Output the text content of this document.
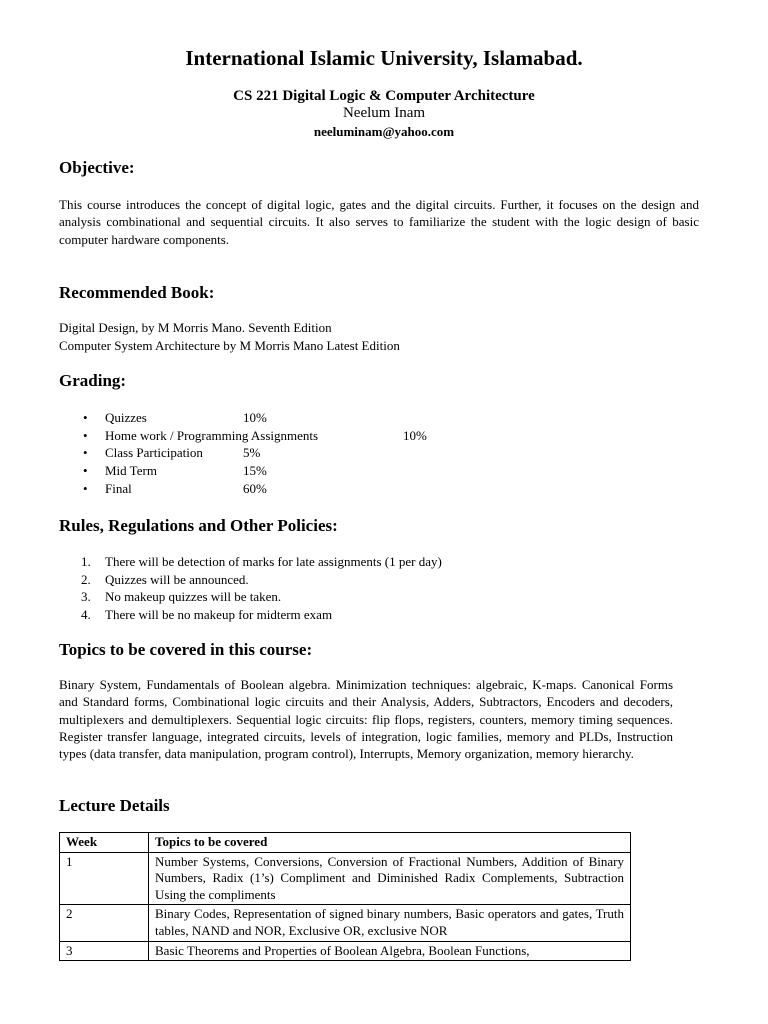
International Islamic University, Islamabad.

CS 221 Digital Logic & Computer Architecture

Neelum Inam

neeluminam@yahoo.com

Objective:

This course introduces the concept of digital logic, gates and the digital circuits. Further, it focuses on the design and analysis combinational and sequential circuits. It also serves to familiarize the student with the logic design of basic computer hardware components.

Recommended Book:

Digital Design, by M Morris Mano. Seventh Edition

Computer System Architecture by M Morris Mano Latest Edition

Grading:
• Quizzes	10%
• Home work / Programming Assignments	10%
• Class Participation	5%
• Mid Term	15%
• Final	60%
Rules, Regulations and Other Policies:
1. There will be detection of marks for late assignments (1 per day)
2. Quizzes will be announced.
3. No makeup quizzes will be taken.
4. There will be no makeup for midterm exam
Topics to be covered in this course:

Binary System, Fundamentals of Boolean algebra. Minimization techniques: algebraic, K-maps. Canonical Forms and Standard forms, Combinational logic circuits and their Analysis, Adders, Subtractors, Encoders and decoders, multiplexers and demultiplexers. Sequential logic circuits: flip flops, registers, counters, memory timing sequences. Register transfer language, integrated circuits, levels of integration, logic families, memory and PLDs, Instruction types (data transfer, data manipulation, program control), Interrupts, Memory organization, memory hierarchy.

Lecture Details
Week	Topics to be covered
1	Number Systems, Conversions, Conversion of Fractional Numbers, Addition of Binary Numbers, Radix (1’s) Compliment and Diminished Radix Complements, Subtraction Using the compliments
2	Binary Codes, Representation of signed binary numbers, Basic operators and gates, Truth tables, NAND and NOR, Exclusive OR, exclusive NOR
3	Basic Theorems and Properties of Boolean Algebra, Boolean Functions,
